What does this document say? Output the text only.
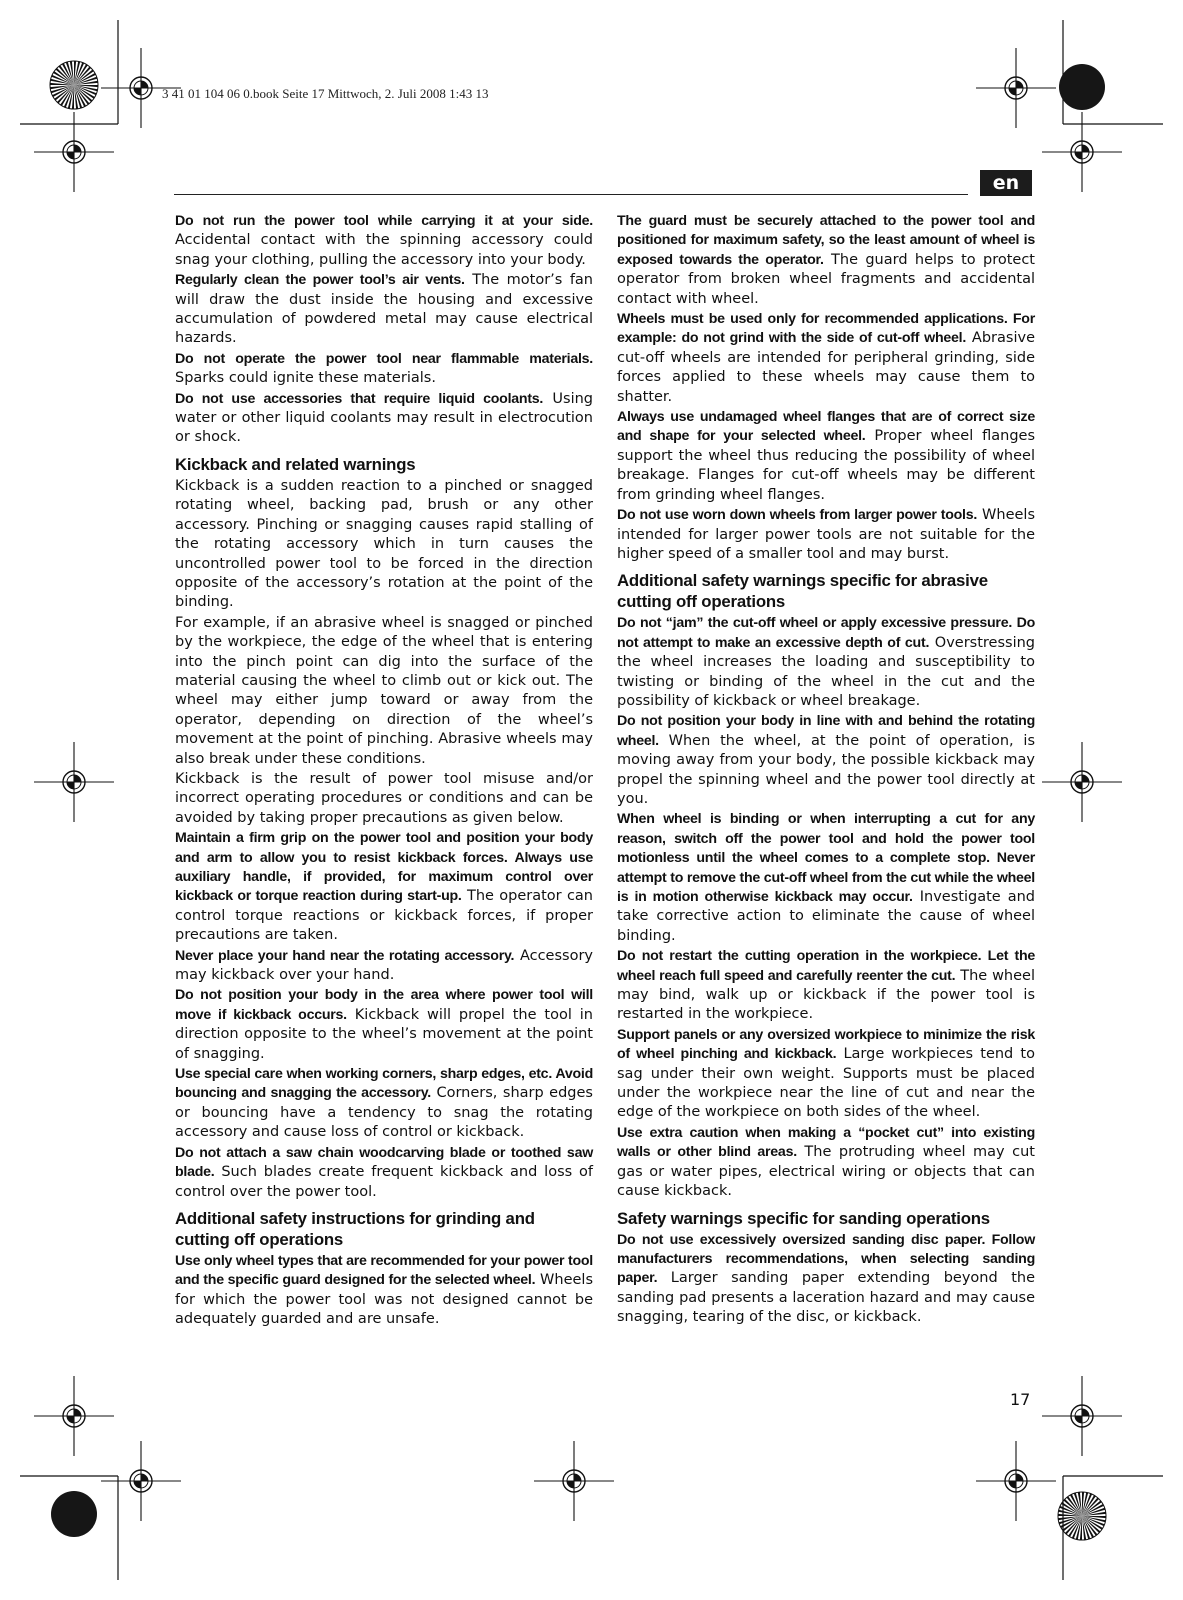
3 41 01 104 06 0.book Seite 17 Mittwoch, 2. Juli 2008 1:43 13
en

Do not run the power tool while carrying it at your side. Accidental contact with the spinning accessory could snag your clothing, pulling the accessory into your body.

Regularly clean the power tool’s air vents. The motor’s fan will draw the dust inside the housing and excessive accumulation of powdered metal may cause electrical hazards.

Do not operate the power tool near flammable materials. Sparks could ignite these materials.

Do not use accessories that require liquid coolants. Using water or other liquid coolants may result in electrocution or shock.

Kickback and related warnings

Kickback is a sudden reaction to a pinched or snagged rotating wheel, backing pad, brush or any other accessory. Pinching or snagging causes rapid stalling of the rotating accessory which in turn causes the uncontrolled power tool to be forced in the direction opposite of the accessory’s rotation at the point of the binding.

For example, if an abrasive wheel is snagged or pinched by the workpiece, the edge of the wheel that is entering into the pinch point can dig into the surface of the material causing the wheel to climb out or kick out. The wheel may either jump toward or away from the operator, depending on direction of the wheel’s movement at the point of pinching. Abrasive wheels may also break under these conditions.

Kickback is the result of power tool misuse and/or incorrect operating procedures or conditions and can be avoided by taking proper precautions as given below.

Maintain a firm grip on the power tool and position your body and arm to allow you to resist kickback forces. Always use auxiliary handle, if provided, for maximum control over kickback or torque reaction during start-up. The operator can control torque reactions or kickback forces, if proper precautions are taken.

Never place your hand near the rotating accessory. Accessory may kickback over your hand.

Do not position your body in the area where power tool will move if kickback occurs. Kickback will propel the tool in direction opposite to the wheel’s movement at the point of snagging.

Use special care when working corners, sharp edges, etc. Avoid bouncing and snagging the accessory. Corners, sharp edges or bouncing have a tendency to snag the rotating accessory and cause loss of control or kickback.

Do not attach a saw chain woodcarving blade or toothed saw blade. Such blades create frequent kickback and loss of control over the power tool.

Additional safety instructions for grinding and cutting off operations

Use only wheel types that are recommended for your power tool and the specific guard designed for the selected wheel. Wheels for which the power tool was not designed cannot be adequately guarded and are unsafe.

The guard must be securely attached to the power tool and positioned for maximum safety, so the least amount of wheel is exposed towards the operator. The guard helps to protect operator from broken wheel fragments and accidental contact with wheel.

Wheels must be used only for recommended applications. For example: do not grind with the side of cut-off wheel. Abrasive cut-off wheels are intended for peripheral grinding, side forces applied to these wheels may cause them to shatter.

Always use undamaged wheel flanges that are of correct size and shape for your selected wheel. Proper wheel flanges support the wheel thus reducing the possibility of wheel breakage. Flanges for cut-off wheels may be different from grinding wheel flanges.

Do not use worn down wheels from larger power tools. Wheels intended for larger power tools are not suitable for the higher speed of a smaller tool and may burst.

Additional safety warnings specific for abrasive cutting off operations

Do not “jam” the cut-off wheel or apply excessive pressure. Do not attempt to make an excessive depth of cut. Overstressing the wheel increases the loading and susceptibility to twisting or binding of the wheel in the cut and the possibility of kickback or wheel breakage.

Do not position your body in line with and behind the rotating wheel. When the wheel, at the point of operation, is moving away from your body, the possible kickback may propel the spinning wheel and the power tool directly at you.

When wheel is binding or when interrupting a cut for any reason, switch off the power tool and hold the power tool motionless until the wheel comes to a complete stop. Never attempt to remove the cut-off wheel from the cut while the wheel is in motion otherwise kickback may occur. Investigate and take corrective action to eliminate the cause of wheel binding.

Do not restart the cutting operation in the workpiece. Let the wheel reach full speed and carefully reenter the cut. The wheel may bind, walk up or kickback if the power tool is restarted in the workpiece.

Support panels or any oversized workpiece to minimize the risk of wheel pinching and kickback. Large workpieces tend to sag under their own weight. Supports must be placed under the workpiece near the line of cut and near the edge of the workpiece on both sides of the wheel.

Use extra caution when making a “pocket cut” into existing walls or other blind areas. The protruding wheel may cut gas or water pipes, electrical wiring or objects that can cause kickback.

Safety warnings specific for sanding operations

Do not use excessively oversized sanding disc paper. Follow manufacturers recommendations, when selecting sanding paper. Larger sanding paper extending beyond the sanding pad presents a laceration hazard and may cause snagging, tearing of the disc, or kickback.

17
